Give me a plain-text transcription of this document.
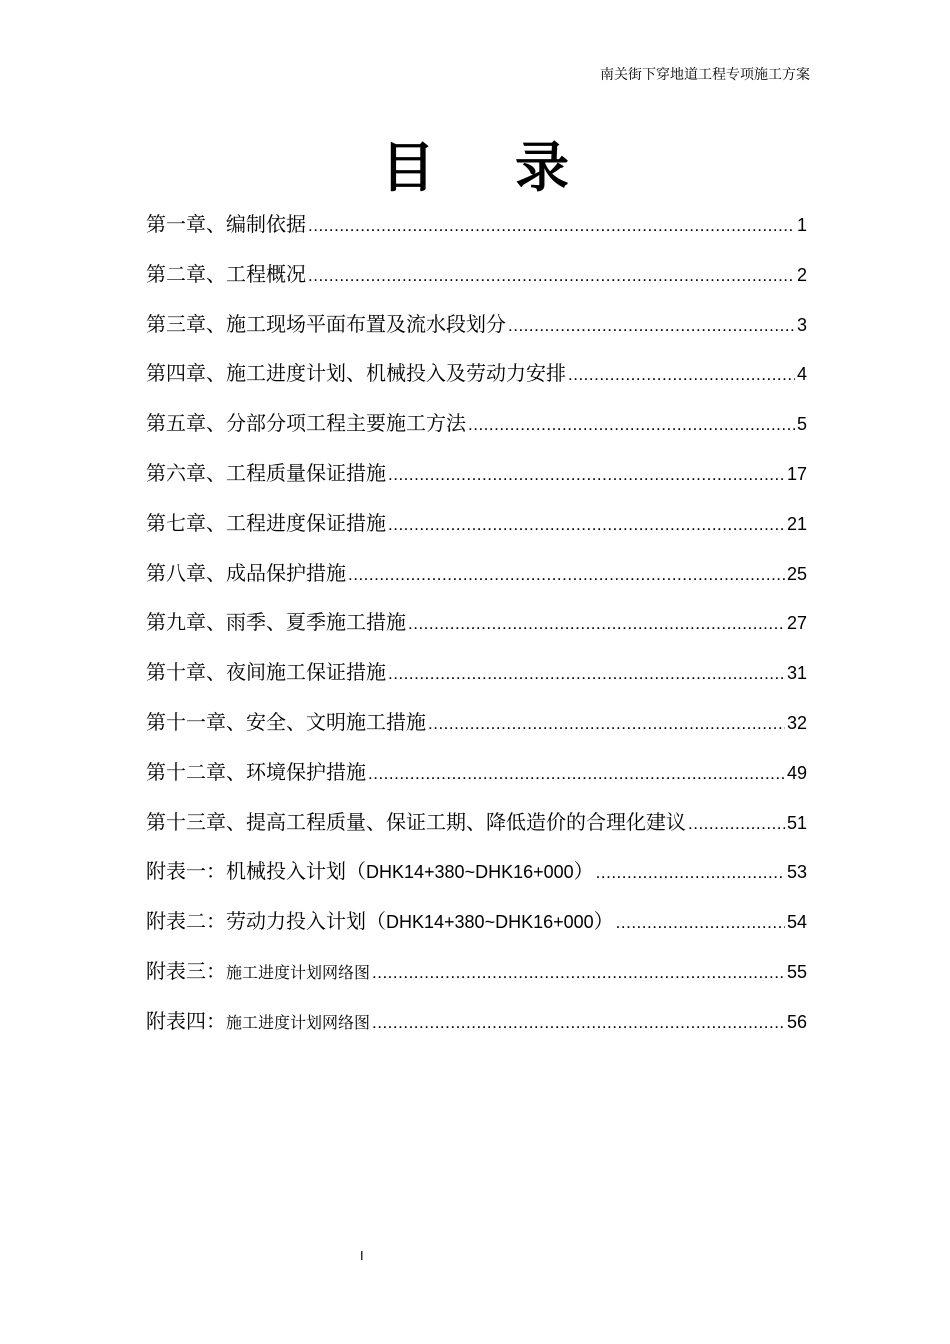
南关街下穿地道工程专项施工方案
目 录
第一章、编制依据 .....	1
第二章、工程概况 .....	2
第三章、施工现场平面布置及流水段划分 .....	3
第四章、施工进度计划、机械投入及劳动力安排 .....	4
第五章、分部分项工程主要施工方法 .....	5
第六章、工程质量保证措施 .....	17
第七章、工程进度保证措施 .....	21
第八章、成品保护措施 .....	25
第九章、雨季、夏季施工措施 .....	27
第十章、夜间施工保证措施 .....	31
第十一章、安全、文明施工措施 .....	32
第十二章、环境保护措施 .....	49
第十三章、提高工程质量、保证工期、降低造价的合理化建议 .....	51
附表一：机械投入计划（DHK14+380~DHK16+000） .....	53
附表二：劳动力投入计划（DHK14+380~DHK16+000） .....	54
附表三：施工进度计划网络图 .....	55
附表四：施工进度计划网络图 .....	56
I
